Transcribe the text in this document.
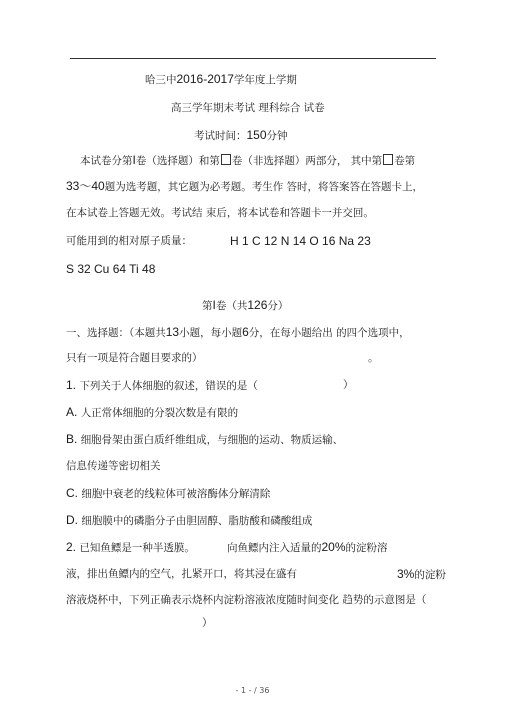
哈三中2016-2017学年度上学期
高三学年期末考试 理科综合 试卷
考试时间：150分钟
本试卷分第I卷（选择题）和第 卷（非选择题）两部分， 其中第 卷第
33～40题为选考题，其它题为必考题。考生作 答时，将答案答在答题卡上，
在本试卷上答题无效。考试结 束后，将本试卷和答题卡一并交回。
可能用到的相对原子质量：	H 1 C 12 N 14 O 16 Na 23
S 32 Cu 64 Ti 48
第I卷（共126分）
一、选择题：（本题共13小题，每小题6分，在每小题给出 的四个选项中，
只有一项是符合题目要求的）	。
1. 下列关于人体细胞的叙述，错误的是（	）
A. 人正常体细胞的分裂次数是有限的
B. 细胞骨架由蛋白质纤维组成，与细胞的运动、物质运输、
信息传递等密切相关
C. 细胞中衰老的线粒体可被溶酶体分解清除
D. 细胞膜中的磷脂分子由胆固醇、脂肪酸和磷酸组成
2. 已知鱼鳔是一种半透膜。	向鱼鳔内注入适量的20%的淀粉溶
液，排出鱼鳔内的空气，扎紧开口，将其浸在盛有	3%的淀粉
溶液烧杯中，下列正确表示烧杯内淀粉溶液浓度随时间变化 趋势的示意图是（
）
- 1 - / 36
